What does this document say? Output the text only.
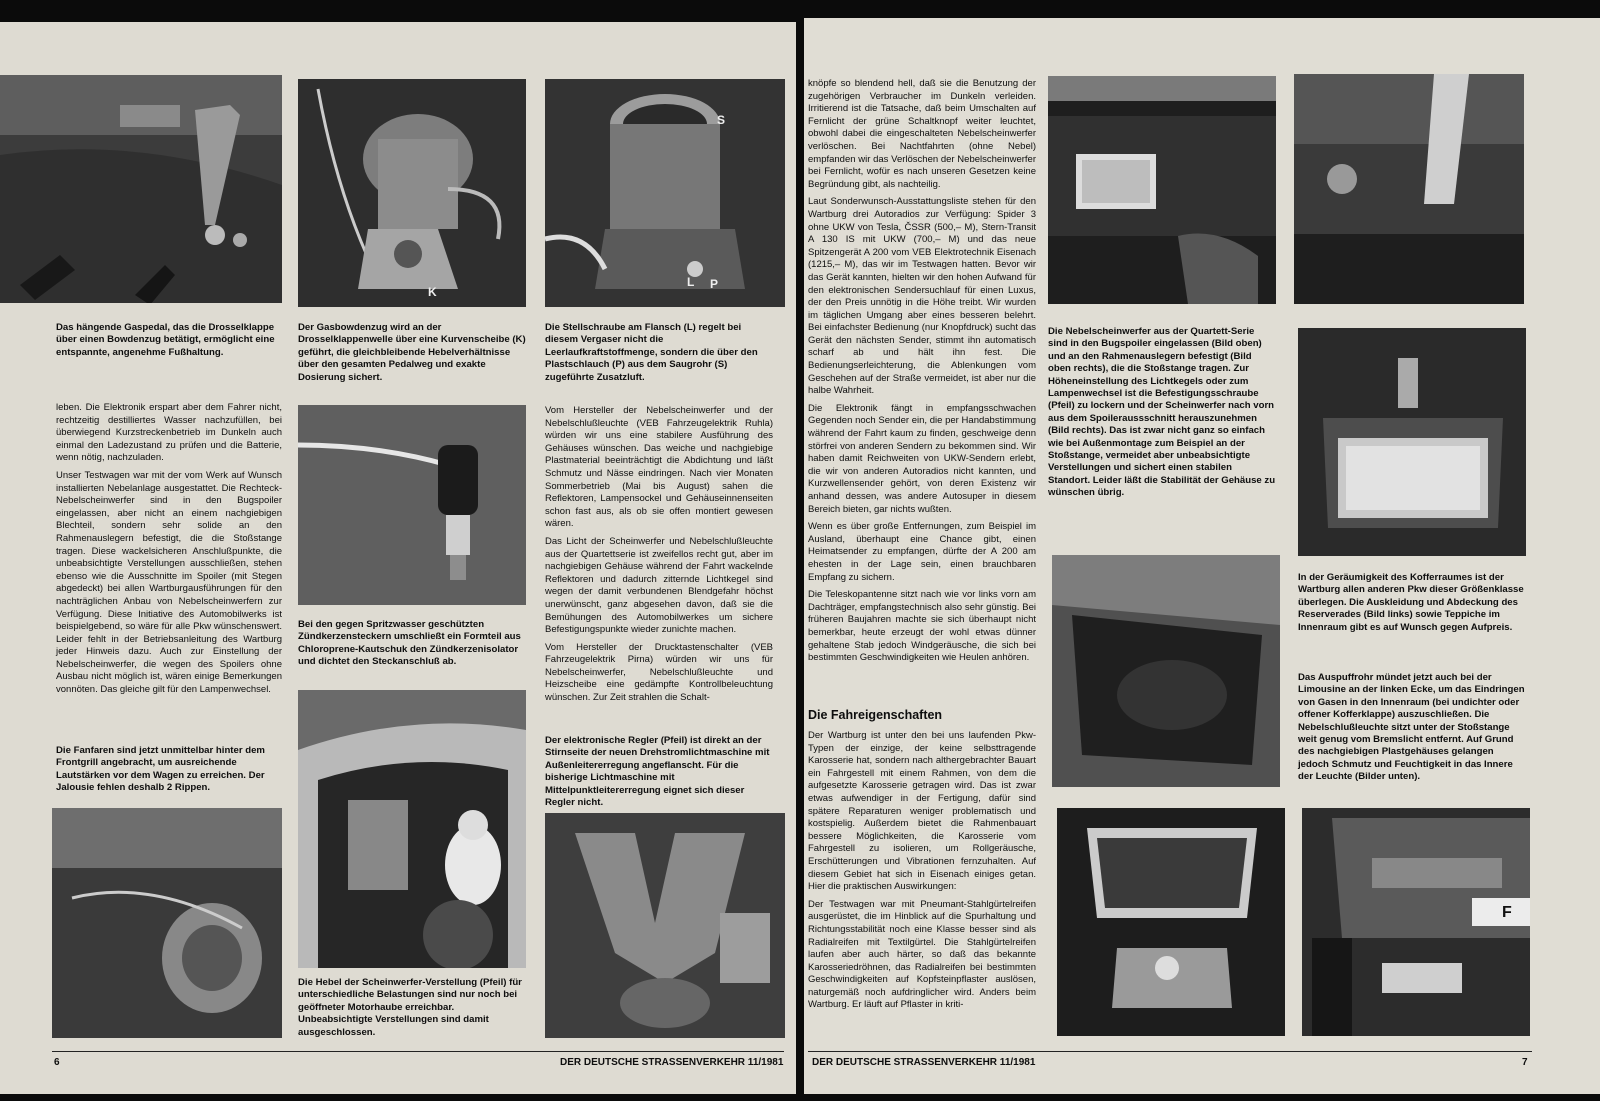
K
S
L P

Das hängende Gaspedal, das die Drosselklappe über einen Bowdenzug betätigt, ermöglicht eine entspannte, angenehme Fußhaltung.

Der Gasbowdenzug wird an der Drosselklappenwelle über eine Kurvenscheibe (K) geführt, die gleichbleibende Hebelverhältnisse über den gesamten Pedalweg und exakte Dosierung sichert.

Die Stellschraube am Flansch (L) regelt bei diesem Vergaser nicht die Leerlaufkraftstoffmenge, sondern die über den Plastschlauch (P) aus dem Saugrohr (S) zugeführte Zusatzluft.

leben. Die Elektronik erspart aber dem Fahrer nicht, rechtzeitig destilliertes Wasser nachzufüllen, bei überwiegend Kurzstreckenbetrieb im Dunkeln auch einmal den Ladezustand zu prüfen und die Batterie, wenn nötig, nachzuladen.

Unser Testwagen war mit der vom Werk auf Wunsch installierten Nebelanlage ausgestattet. Die Rechteck-Nebelscheinwerfer sind in den Bugspoiler eingelassen, aber nicht an einem nachgiebigen Blechteil, sondern sehr solide an den Rahmenauslegern befestigt, die die Stoßstange tragen. Diese wackelsicheren Anschlußpunkte, die unbeabsichtigte Verstellungen ausschließen, stehen ebenso wie die Ausschnitte im Spoiler (mit Stegen abgedeckt) bei allen Wartburgausführungen für den nachträglichen Anbau von Nebelscheinwerfern zur Verfügung. Diese Initiative des Automobilwerks ist beispielgebend, so wäre für alle Pkw wünschenswert. Leider fehlt in der Betriebsanleitung des Wartburg jeder Hinweis dazu. Auch zur Einstellung der Nebelscheinwerfer, die wegen des Spoilers ohne Ausbau nicht möglich ist, wären einige Bemerkungen vonnöten. Das gleiche gilt für den Lampenwechsel.

Die Fanfaren sind jetzt unmittelbar hinter dem Frontgrill angebracht, um ausreichende Lautstärken vor dem Wagen zu erreichen. Der Jalousie fehlen deshalb 2 Rippen.

Bei den gegen Spritzwasser geschützten Zündkerzensteckern umschließt ein Formteil aus Chloroprene-Kautschuk den Zündkerzenisolator und dichtet den Steckanschluß ab.

Vom Hersteller der Nebelscheinwerfer und der Nebelschlußleuchte (VEB Fahrzeugelektrik Ruhla) würden wir uns eine stabilere Ausführung des Gehäuses wünschen. Das weiche und nachgiebige Plastmaterial beeinträchtigt die Abdichtung und läßt Schmutz und Nässe eindringen. Nach vier Monaten Sommerbetrieb (Mai bis August) sahen die Reflektoren, Lampensockel und Gehäuseinnenseiten schon fast aus, als ob sie offen montiert gewesen wären.

Das Licht der Scheinwerfer und Nebelschlußleuchte aus der Quartettserie ist zweifellos recht gut, aber im nachgiebigen Gehäuse während der Fahrt wackelnde Reflektoren und dadurch zitternde Lichtkegel sind wegen der damit verbundenen Blendgefahr höchst unerwünscht, ganz abgesehen davon, daß sie die Bemühungen des Automobilwerkes um sichere Befestigungspunkte wieder zunichte machen.

Vom Hersteller der Drucktastenschalter (VEB Fahrzeugelektrik Pirna) würden wir uns für Nebelscheinwerfer, Nebelschlußleuchte und Heizscheibe eine gedämpfte Kontrollbeleuchtung wünschen. Zur Zeit strahlen die Schalt-

Der elektronische Regler (Pfeil) ist direkt an der Stirnseite der neuen Drehstromlichtmaschine mit Außenleitererregung angeflanscht. Für die bisherige Lichtmaschine mit Mittelpunktleitererregung eignet sich dieser Regler nicht.

Die Hebel der Scheinwerfer-Verstellung (Pfeil) für unterschiedliche Belastungen sind nur noch bei geöffneter Motorhaube erreichbar. Unbeabsichtigte Verstellungen sind damit ausgeschlossen.

6	DER DEUTSCHE STRASSENVERKEHR 11/1981

knöpfe so blendend hell, daß sie die Benutzung der zugehörigen Verbraucher im Dunkeln verleiden. Irritierend ist die Tatsache, daß beim Umschalten auf Fernlicht der grüne Schaltknopf weiter leuchtet, obwohl dabei die eingeschalteten Nebelscheinwerfer verlöschen. Bei Nachtfahrten (ohne Nebel) empfanden wir das Verlöschen der Nebelscheinwerfer bei Fernlicht, wofür es nach unseren Gesetzen keine Begründung gibt, als nachteilig.

Laut Sonderwunsch-Ausstattungsliste stehen für den Wartburg drei Autoradios zur Verfügung: Spider 3 ohne UKW von Tesla, ČSSR (500,– M), Stern-Transit A 130 IS mit UKW (700,– M) und das neue Spitzengerät A 200 vom VEB Elektrotechnik Eisenach (1215,– M), das wir im Testwagen hatten. Bevor wir das Gerät kannten, hielten wir den hohen Aufwand für den elektronischen Sendersuchlauf für einen Luxus, der den Preis unnötig in die Höhe treibt. Wir wurden im täglichen Umgang aber eines besseren belehrt. Bei einfachster Bedienung (nur Knopfdruck) sucht das Gerät den nächsten Sender, stimmt ihn automatisch scharf ab und hält ihn fest. Die Bedienungserleichterung, die Ablenkungen vom Geschehen auf der Straße vermeidet, ist aber nur die halbe Wahrheit.

Die Elektronik fängt in empfangsschwachen Gegenden noch Sender ein, die per Handabstimmung während der Fahrt kaum zu finden, geschweige denn störfrei von anderen Sendern zu bekommen sind. Wir haben damit Reichweiten von UKW-Sendern erlebt, die wir von anderen Autoradios nicht kannten, und Kurzwellensender gehört, von deren Existenz wir anhand dessen, was andere Autosuper in diesem Bereich bieten, gar nichts wußten.

Wenn es über große Entfernungen, zum Beispiel im Ausland, überhaupt eine Chance gibt, einen Heimatsender zu empfangen, dürfte der A 200 am ehesten in der Lage sein, einen brauchbaren Empfang zu sichern.

Die Teleskopantenne sitzt nach wie vor links vorn am Dachträger, empfangstechnisch also sehr günstig. Bei früheren Baujahren machte sie sich überhaupt nicht bemerkbar, heute erzeugt der wohl etwas dünner gehaltene Stab jedoch Windgeräusche, die sich bei bestimmten Geschwindigkeiten wie Heulen anhören.

Die Fahreigenschaften

Der Wartburg ist unter den bei uns laufenden Pkw-Typen der einzige, der keine selbsttragende Karosserie hat, sondern nach althergebrachter Bauart ein Fahrgestell mit einem Rahmen, von dem die aufgesetzte Karosserie getragen wird. Das ist zwar etwas aufwendiger in der Fertigung, dafür sind spätere Reparaturen weniger problematisch und kostspielig. Außerdem bietet die Rahmenbauart bessere Möglichkeiten, die Karosserie vom Fahrgestell zu isolieren, um Rollgeräusche, Erschütterungen und Vibrationen fernzuhalten. Auf diesem Gebiet hat sich in Eisenach einiges getan. Hier die praktischen Auswirkungen:

Der Testwagen war mit Pneumant-Stahlgürtelreifen ausgerüstet, die im Hinblick auf die Spurhaltung und Richtungsstabilität noch eine Klasse besser sind als Radialreifen mit Textilgürtel. Die Stahlgürtelreifen laufen aber auch härter, so daß das bekannte Karosseriedröhnen, das Radialreifen bei bestimmten Geschwindigkeiten auf Kopfsteinpflaster auslösen, naturgemäß noch aufdringlicher wird. Anders beim Wartburg. Er läuft auf Pflaster in kriti-

Die Nebelscheinwerfer aus der Quartett-Serie sind in den Bugspoiler eingelassen (Bild oben) und an den Rahmenauslegern befestigt (Bild oben rechts), die die Stoßstange tragen. Zur Höheneinstellung des Lichtkegels oder zum Lampenwechsel ist die Befestigungsschraube (Pfeil) zu lockern und der Scheinwerfer nach vorn aus dem Spoileraussschnitt herauszunehmen (Bild rechts). Das ist zwar nicht ganz so einfach wie bei Außenmontage zum Beispiel an der Stoßstange, vermeidet aber unbeabsichtigte Verstellungen und sichert einen stabilen Standort. Leider läßt die Stabilität der Gehäuse zu wünschen übrig.

In der Geräumigkeit des Kofferraumes ist der Wartburg allen anderen Pkw dieser Größenklasse überlegen. Die Auskleidung und Abdeckung des Reserverades (Bild links) sowie Teppiche im Innenraum gibt es auf Wunsch gegen Aufpreis.

Das Auspuffrohr mündet jetzt auch bei der Limousine an der linken Ecke, um das Eindringen von Gasen in den Innenraum (bei undichter oder offener Kofferklappe) auszuschließen. Die Nebelschlußleuchte sitzt unter der Stoßstange weit genug vom Bremslicht entfernt. Auf Grund des nachgiebigen Plastgehäuses gelangen jedoch Schmutz und Feuchtigkeit in das Innere der Leuchte (Bilder unten).

F
DER DEUTSCHE STRASSENVERKEHR 11/1981	7
